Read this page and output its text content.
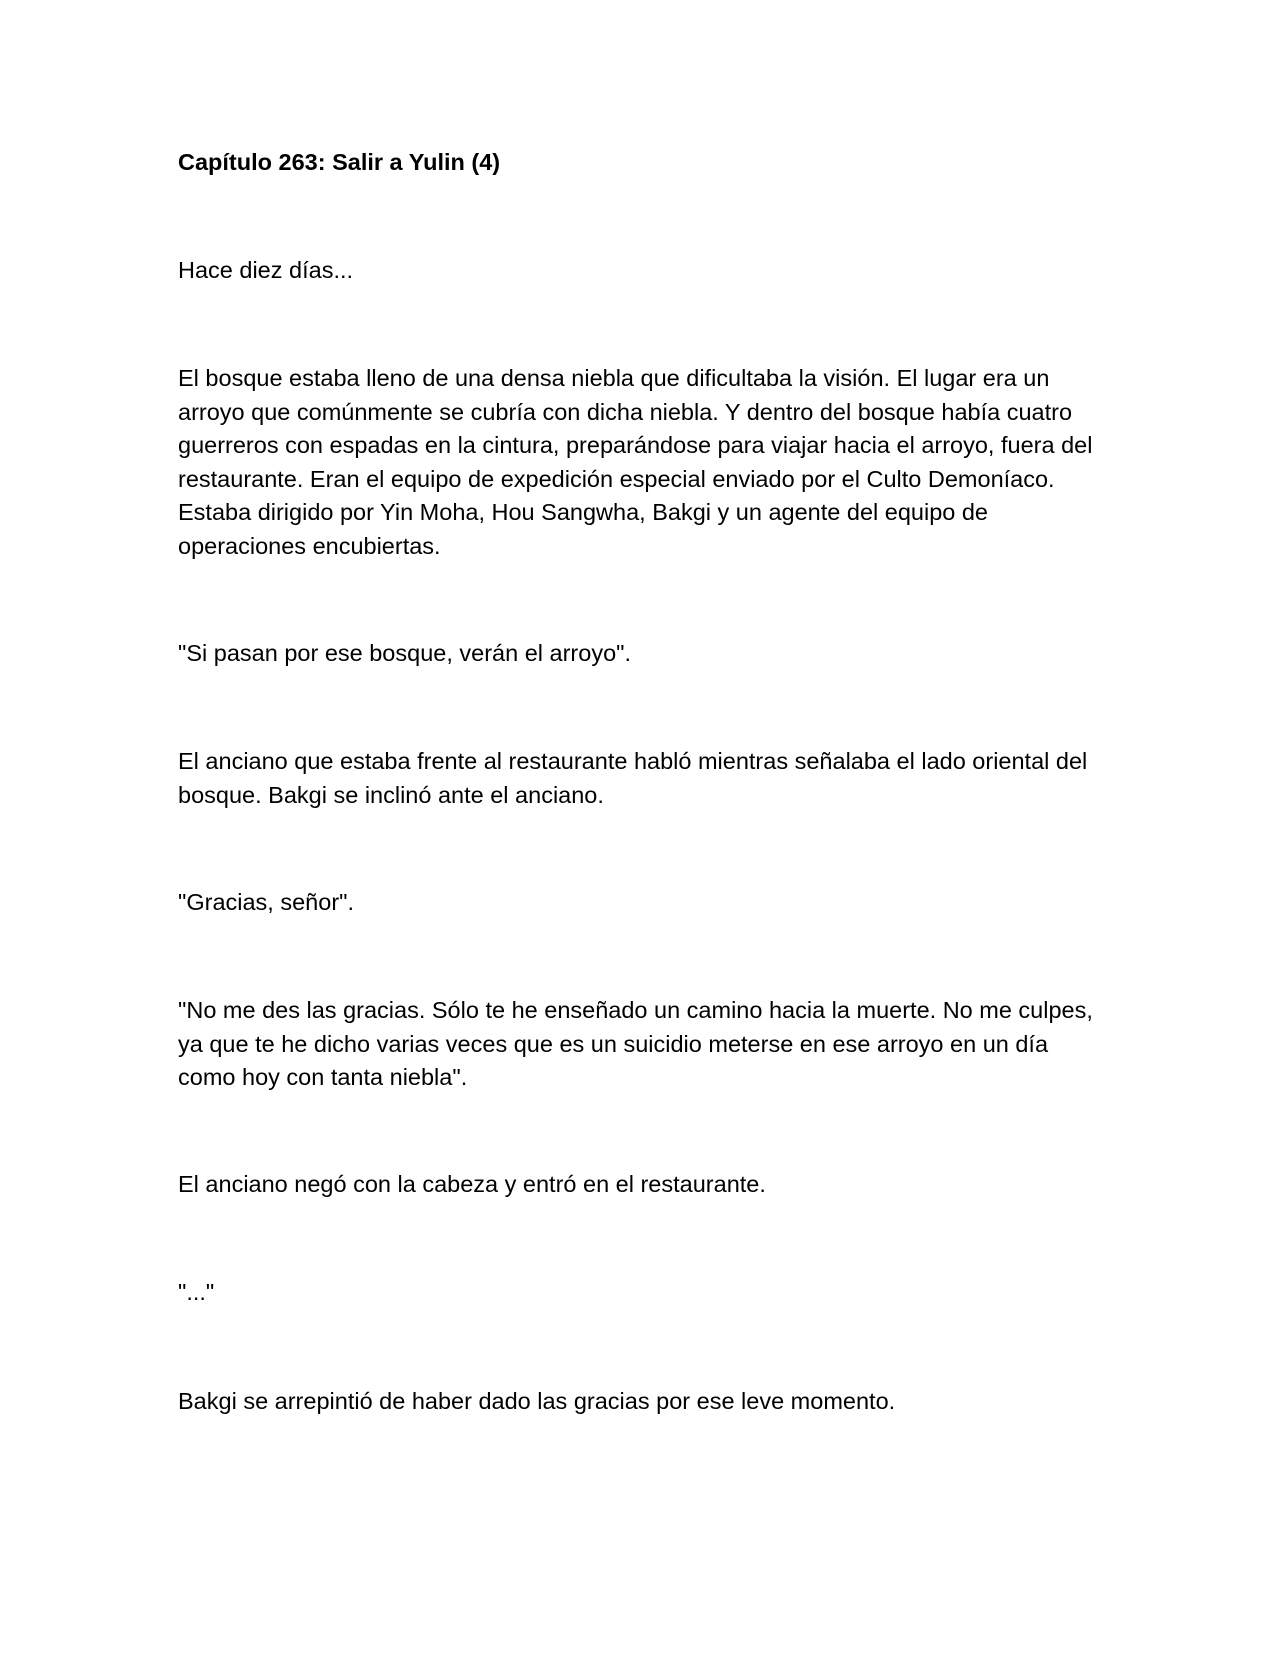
Capítulo 263: Salir a Yulin (4)

Hace diez días...

El bosque estaba lleno de una densa niebla que dificultaba la visión. El lugar era un arroyo que comúnmente se cubría con dicha niebla. Y dentro del bosque había cuatro guerreros con espadas en la cintura, preparándose para viajar hacia el arroyo, fuera del restaurante. Eran el equipo de expedición especial enviado por el Culto Demoníaco. Estaba dirigido por Yin Moha, Hou Sangwha, Bakgi y un agente del equipo de operaciones encubiertas.

"Si pasan por ese bosque, verán el arroyo".

El anciano que estaba frente al restaurante habló mientras señalaba el lado oriental del bosque. Bakgi se inclinó ante el anciano.

"Gracias, señor".

"No me des las gracias. Sólo te he enseñado un camino hacia la muerte. No me culpes, ya que te he dicho varias veces que es un suicidio meterse en ese arroyo en un día como hoy con tanta niebla".

El anciano negó con la cabeza y entró en el restaurante.

"..."

Bakgi se arrepintió de haber dado las gracias por ese leve momento.
